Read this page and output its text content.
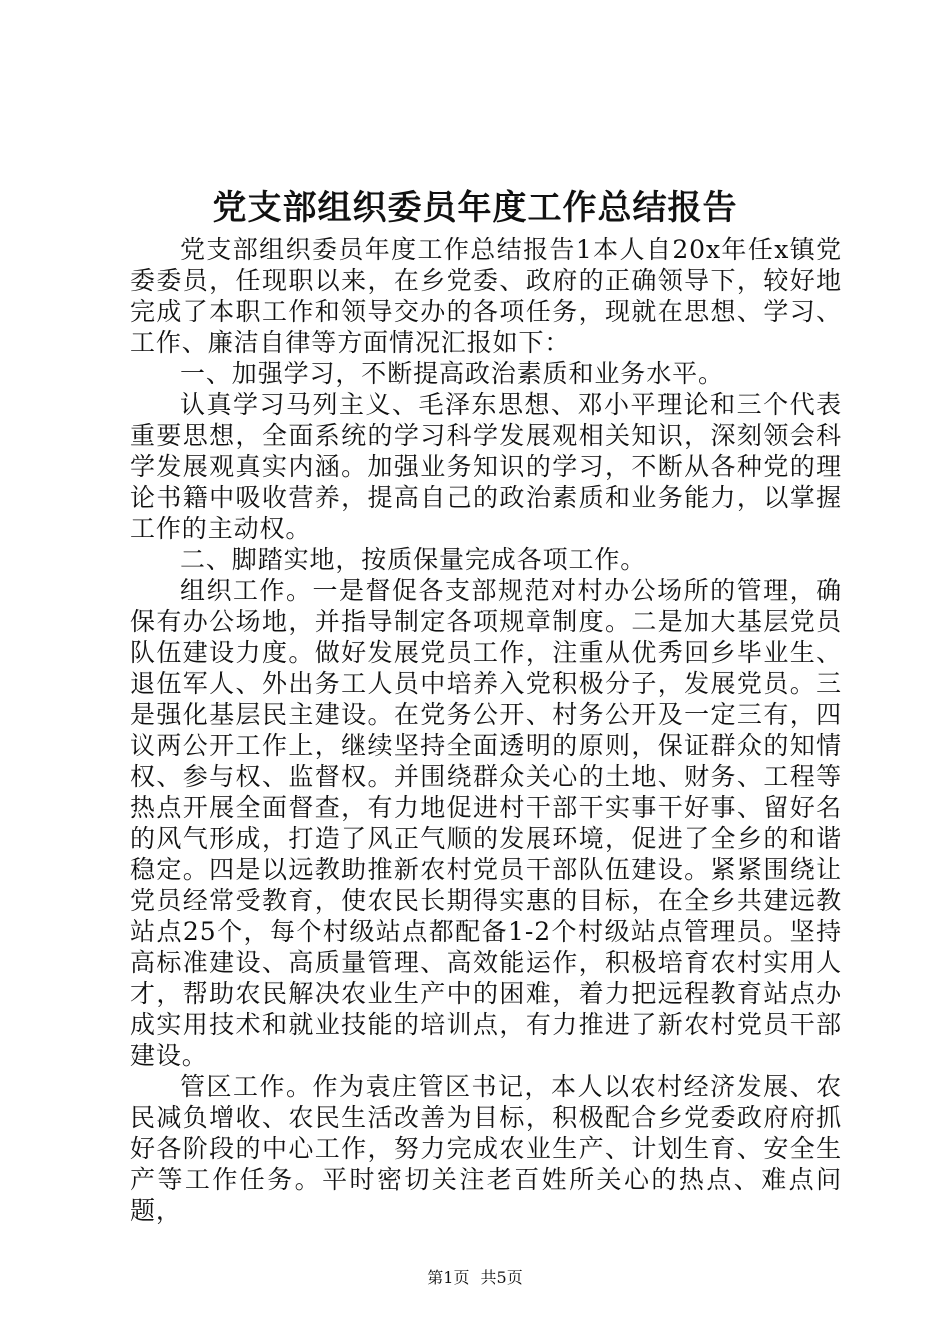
党支部组织委员年度工作总结报告

党支部组织委员年度工作总结报告1本人自20x年任x镇党委委员，任现职以来，在乡党委、政府的正确领导下，较好地完成了本职工作和领导交办的各项任务，现就在思想、学习、工作、廉洁自律等方面情况汇报如下：

一、加强学习，不断提高政治素质和业务水平。

认真学习马列主义、毛泽东思想、邓小平理论和三个代表重要思想，全面系统的学习科学发展观相关知识，深刻领会科学发展观真实内涵。加强业务知识的学习，不断从各种党的理论书籍中吸收营养，提高自己的政治素质和业务能力，以掌握工作的主动权。

二、脚踏实地，按质保量完成各项工作。

组织工作。一是督促各支部规范对村办公场所的管理，确保有办公场地，并指导制定各项规章制度。二是加大基层党员队伍建设力度。做好发展党员工作，注重从优秀回乡毕业生、退伍军人、外出务工人员中培养入党积极分子，发展党员。三是强化基层民主建设。在党务公开、村务公开及一定三有，四议两公开工作上，继续坚持全面透明的原则，保证群众的知情权、参与权、监督权。并围绕群众关心的土地、财务、工程等热点开展全面督查，有力地促进村干部干实事干好事、留好名的风气形成，打造了风正气顺的发展环境，促进了全乡的和谐稳定。四是以远教助推新农村党员干部队伍建设。紧紧围绕让党员经常受教育，使农民长期得实惠的目标，在全乡共建远教站点25个，每个村级站点都配备1-2个村级站点管理员。坚持高标准建设、高质量管理、高效能运作，积极培育农村实用人才，帮助农民解决农业生产中的困难，着力把远程教育站点办成实用技术和就业技能的培训点，有力推进了新农村党员干部建设。

管区工作。作为袁庄管区书记，本人以农村经济发展、农民减负增收、农民生活改善为目标，积极配合乡党委政府府抓好各阶段的中心工作，努力完成农业生产、计划生育、安全生产等工作任务。平时密切关注老百姓所关心的热点、难点问题，

第1页 共5页
